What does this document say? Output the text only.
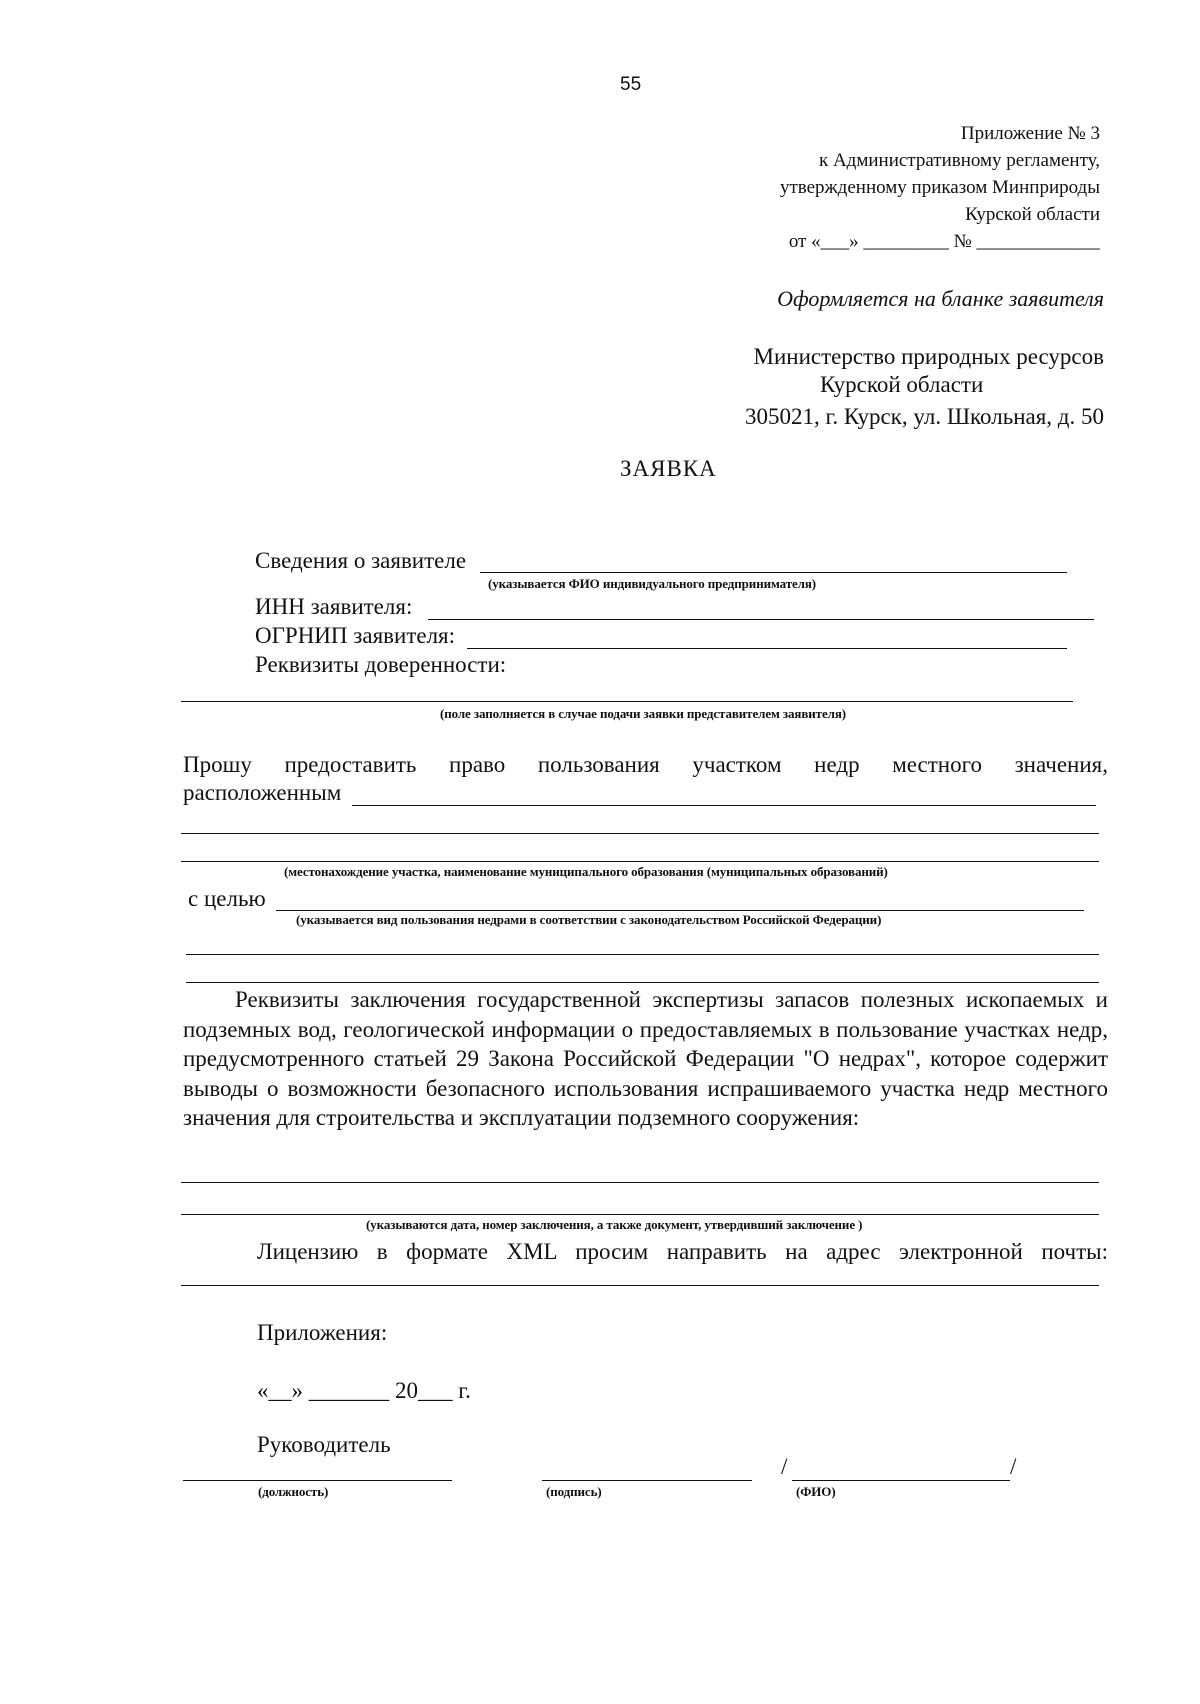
55
Приложение № 3
к Административному регламенту,
утвержденному приказом Минприроды
Курской области
от «___» _________ № _____________
Оформляется на бланке заявителя
Министерство природных ресурсов
Курской области
305021, г. Курск, ул. Школьная, д. 50
ЗАЯВКА
Сведения о заявителе
(указывается ФИО индивидуального предпринимателя)
ИНН заявителя:
ОГРНИП заявителя:
Реквизиты доверенности:
(поле заполняется в случае подачи заявки представителем заявителя)
Прошу предоставить право пользования участком недр местного значения,
расположенным
(местонахождение участка, наименование муниципального образования (муниципальных образований)
с целью
(указывается вид пользования недрами в соответствии с законодательством Российской Федерации)
Реквизиты заключения государственной экспертизы запасов полезных ископаемых и подземных вод, геологической информации о предоставляемых в пользование участках недр, предусмотренного статьей 29 Закона Российской Федерации "О недрах", которое содержит выводы о возможности безопасного использования испрашиваемого участка недр местного значения для строительства и эксплуатации подземного сооружения:
(указываются дата, номер заключения, а также документ, утвердивший заключение )
Лицензию в формате XML просим направить на адрес электронной почты:
Приложения:
«__» _______ 20___ г.
Руководитель
(должность)	(подпись)
/	/
(ФИО)
